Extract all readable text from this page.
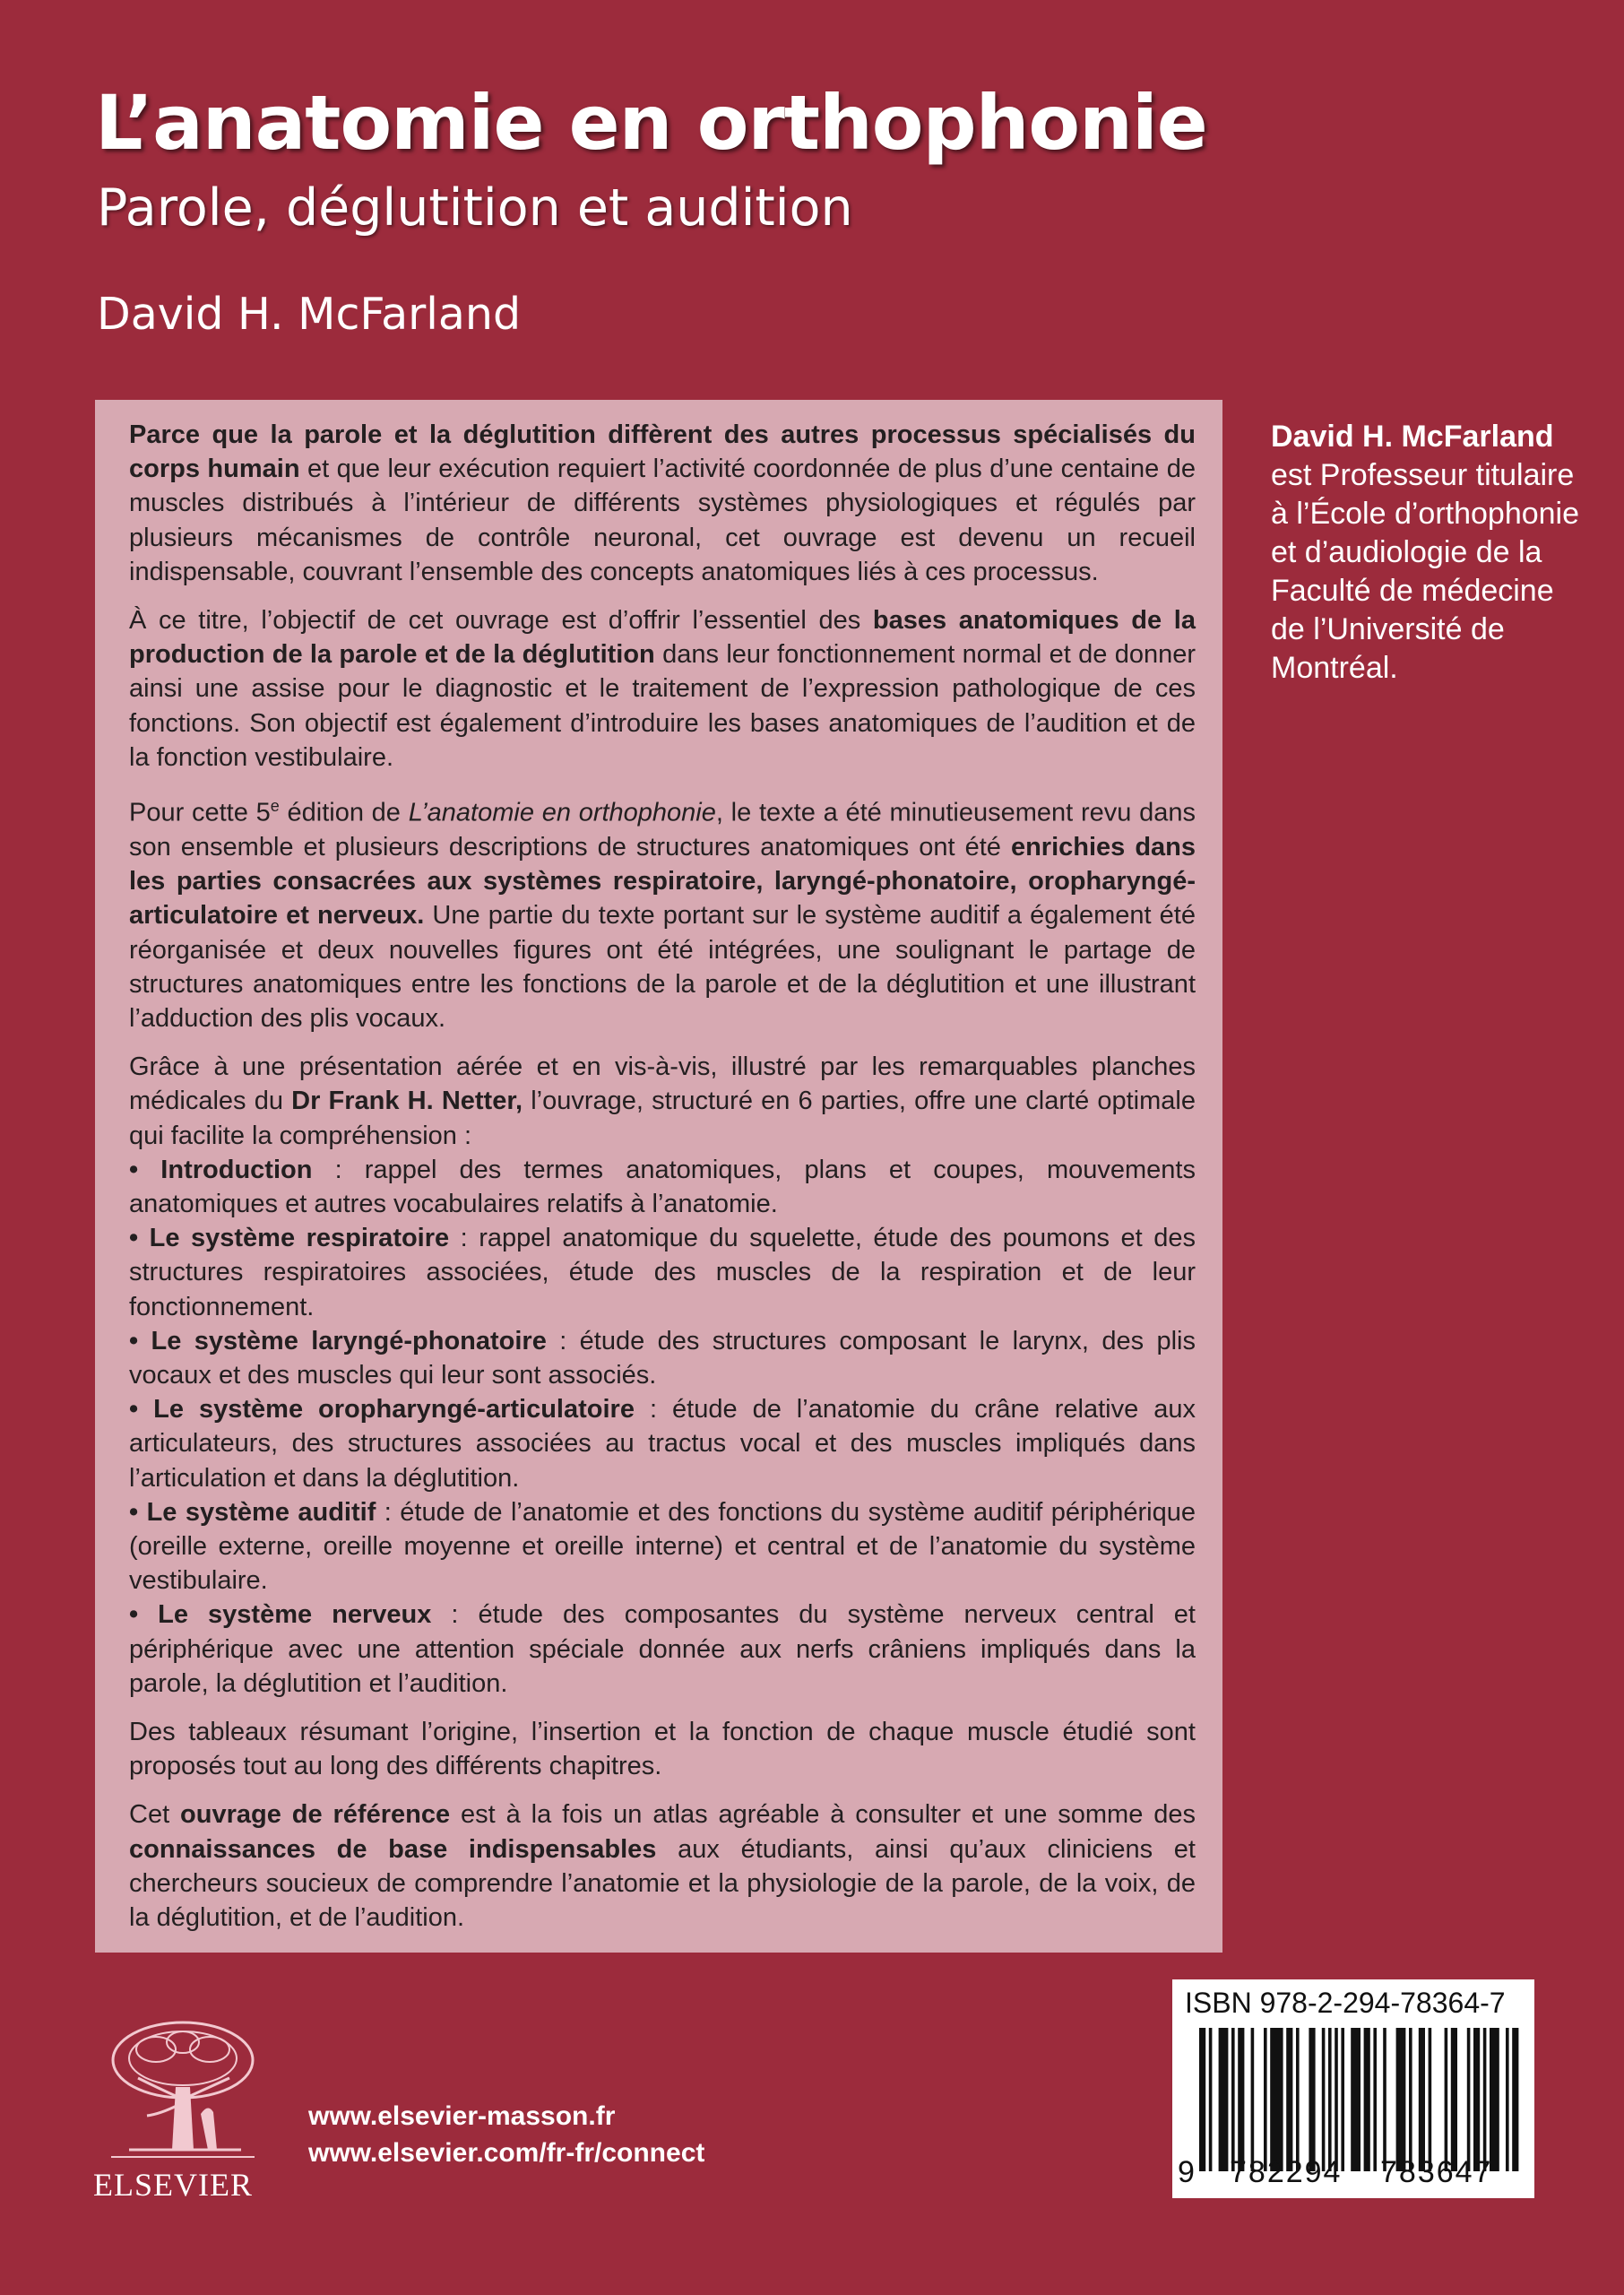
L’anatomie en orthophonie
Parole, déglutition et audition
David H. McFarland

Parce que la parole et la déglutition diffèrent des autres processus spécialisés du corps humain et que leur exécution requiert l’activité coordonnée de plus d’une centaine de muscles distribués à l’intérieur de différents systèmes physiologiques et régulés par plusieurs mécanismes de contrôle neuronal, cet ouvrage est devenu un recueil indispensable, couvrant l’ensemble des concepts anatomiques liés à ces processus.

À ce titre, l’objectif de cet ouvrage est d’offrir l’essentiel des bases anatomiques de la production de la parole et de la déglutition dans leur fonctionnement normal et de donner ainsi une assise pour le diagnostic et le traitement de l’expression pathologique de ces fonctions. Son objectif est également d’introduire les bases anatomiques de l’audition et de la fonction vestibulaire.

Pour cette 5e édition de L’anatomie en orthophonie, le texte a été minutieusement revu dans son ensemble et plusieurs descriptions de structures anatomiques ont été enrichies dans les parties consacrées aux systèmes respiratoire, laryngé-phonatoire, oropharyngé-articulatoire et nerveux. Une partie du texte portant sur le système auditif a également été réorganisée et deux nouvelles figures ont été intégrées, une soulignant le partage de structures anatomiques entre les fonctions de la parole et de la déglutition et une illustrant l’adduction des plis vocaux.

Grâce à une présentation aérée et en vis-à-vis, illustré par les remarquables planches médicales du Dr Frank H. Netter, l’ouvrage, structuré en 6 parties, offre une clarté optimale qui facilite la compréhension :

• Introduction : rappel des termes anatomiques, plans et coupes, mouvements anatomiques et autres vocabulaires relatifs à l’anatomie.

• Le système respiratoire : rappel anatomique du squelette, étude des poumons et des structures respiratoires associées, étude des muscles de la respiration et de leur fonctionnement.

• Le système laryngé-phonatoire : étude des structures composant le larynx, des plis vocaux et des muscles qui leur sont associés.

• Le système oropharyngé-articulatoire : étude de l’anatomie du crâne relative aux articulateurs, des structures associées au tractus vocal et des muscles impliqués dans l’articulation et dans la déglutition.

• Le système auditif : étude de l’anatomie et des fonctions du système auditif périphérique (oreille externe, oreille moyenne et oreille interne) et central et de l’anatomie du système vestibulaire.

• Le système nerveux : étude des composantes du système nerveux central et périphérique avec une attention spéciale donnée aux nerfs crâniens impliqués dans la parole, la déglutition et l’audition.

Des tableaux résumant l’origine, l’insertion et la fonction de chaque muscle étudié sont proposés tout au long des différents chapitres.

Cet ouvrage de référence est à la fois un atlas agréable à consulter et une somme des connaissances de base indispensables aux étudiants, ainsi qu’aux cliniciens et chercheurs soucieux de comprendre l’anatomie et la physiologie de la parole, de la voix, de la déglutition, et de l’audition.

David H. McFarland
est Professeur titulaire à l’École d’orthophonie et d’audiologie de la Faculté de médecine de l’Université de Montréal.
ISBN 978-2-294-78364-7
9 782294 783647
ELSEVIER
www.elsevier-masson.fr
www.elsevier.com/fr-fr/connect
